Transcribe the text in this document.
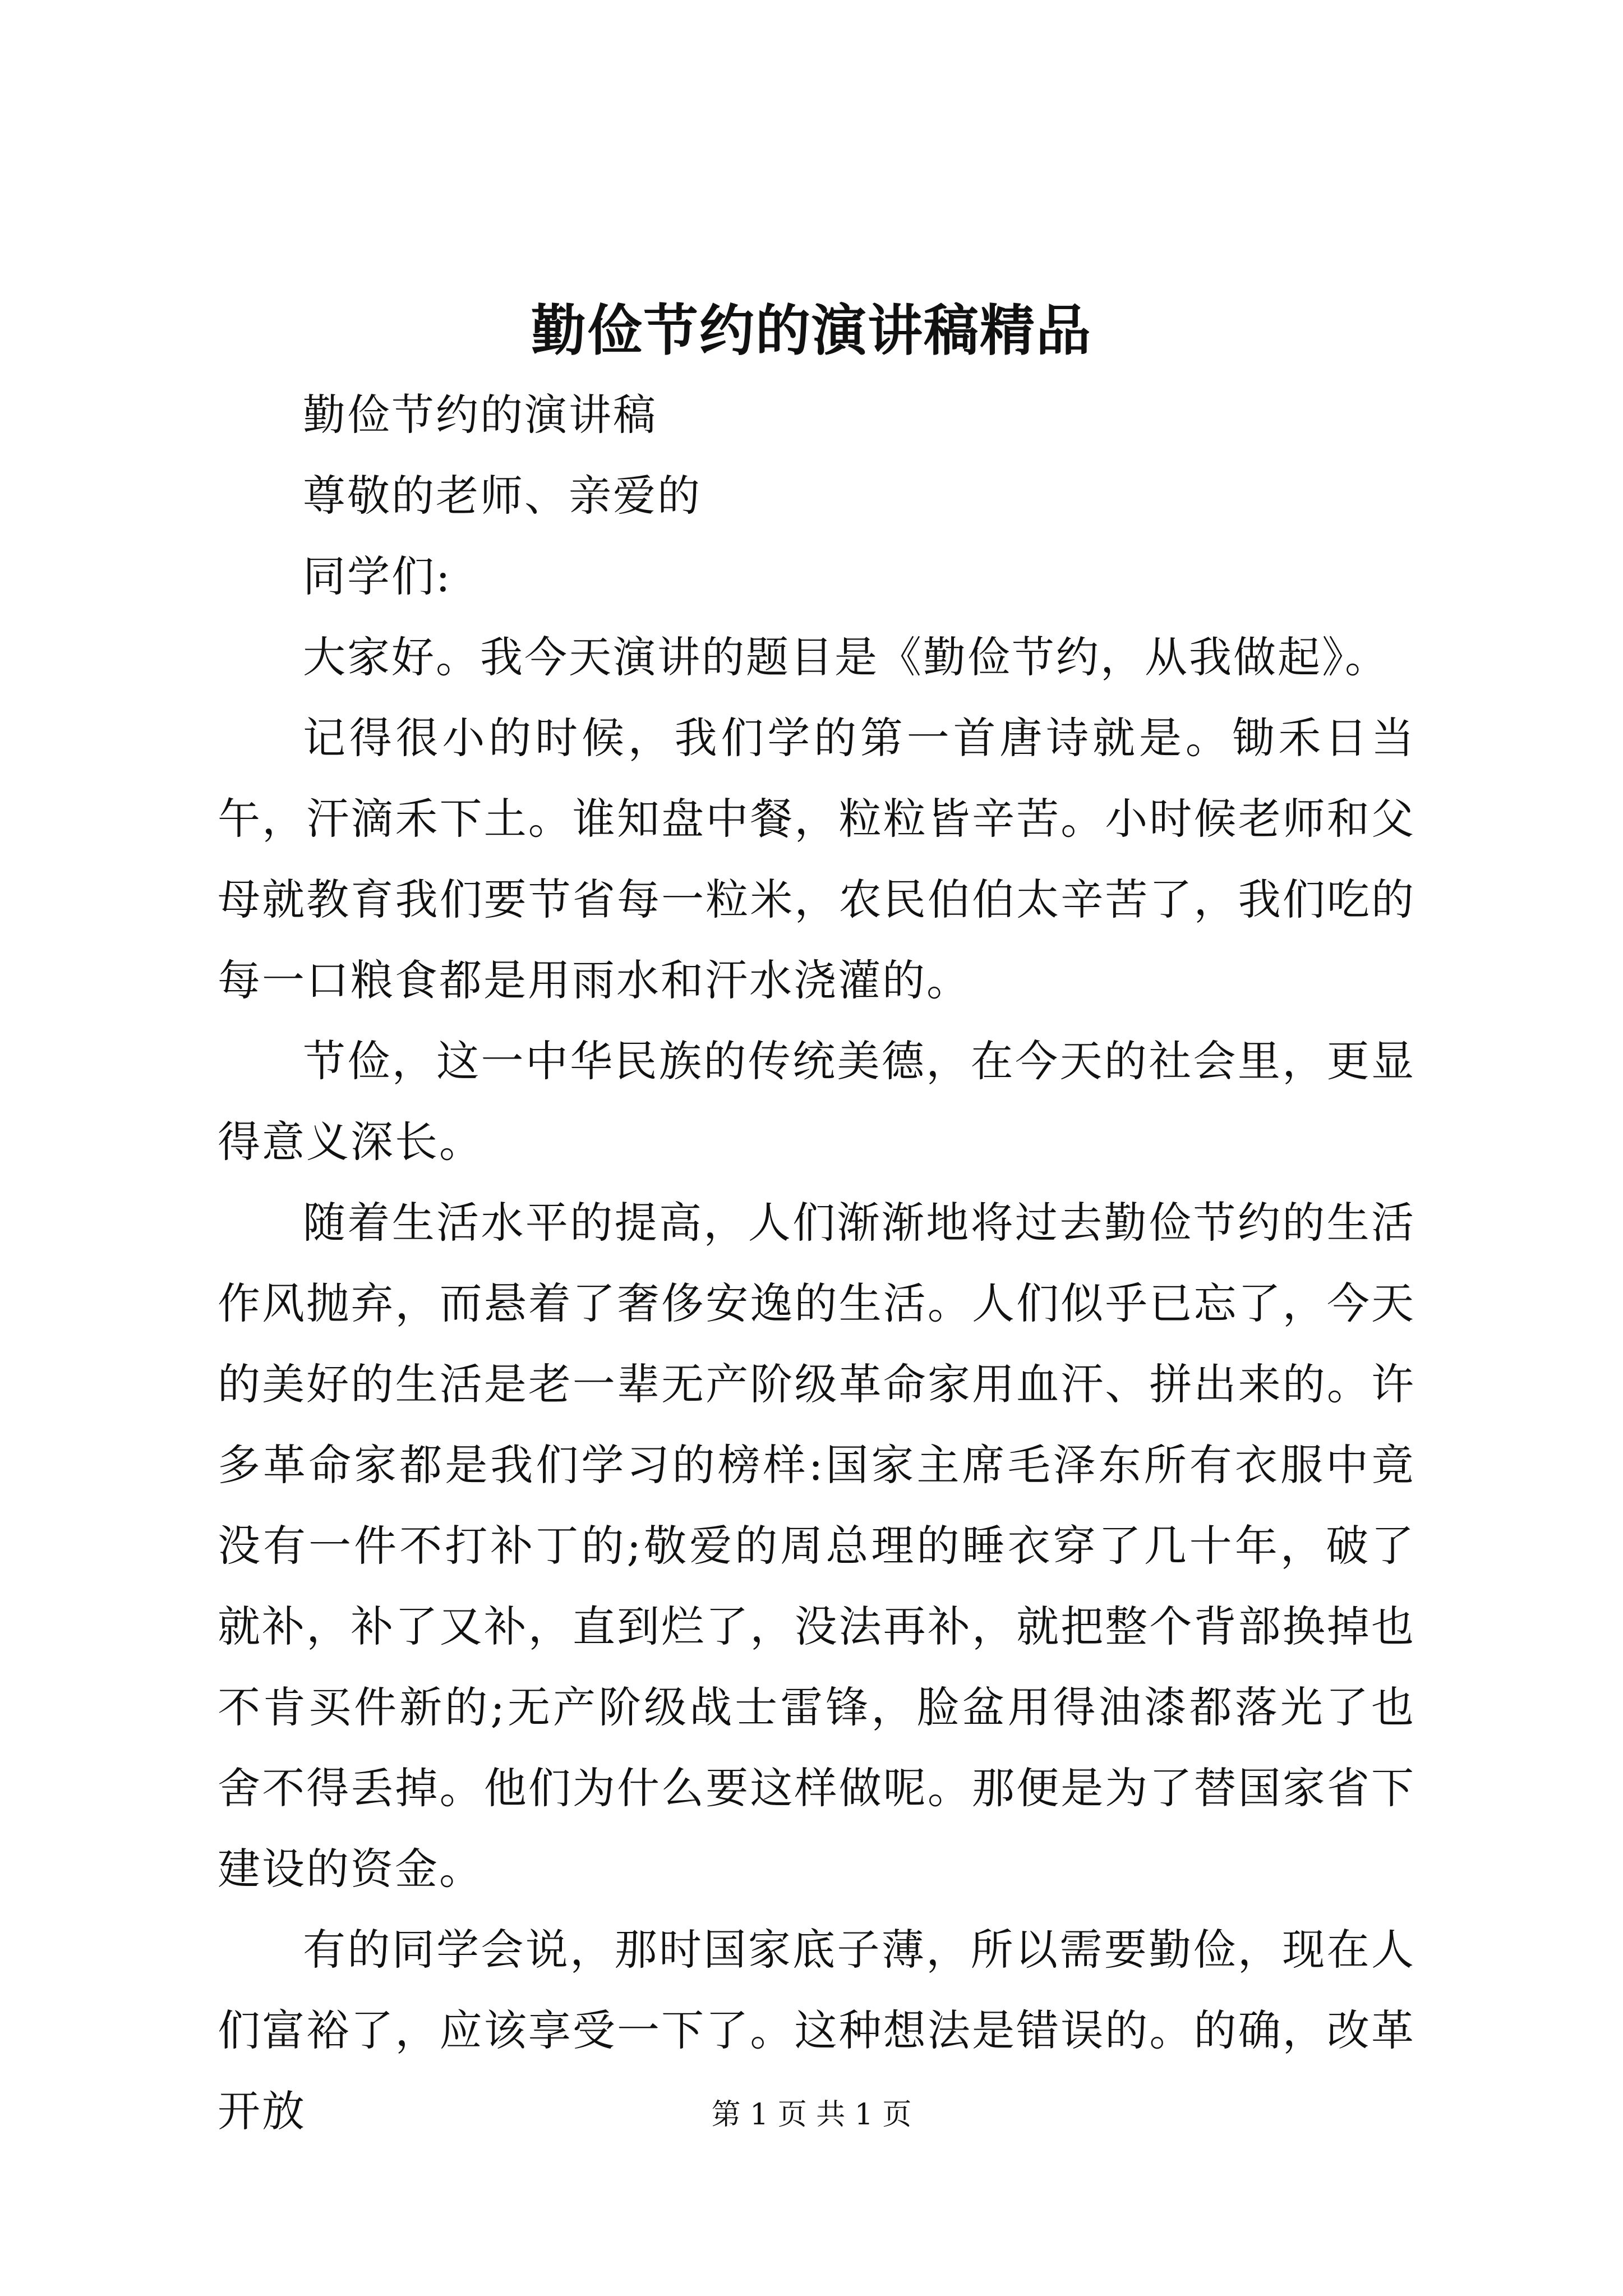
勤俭节约的演讲稿精品

勤俭节约的演讲稿

尊敬的老师、亲爱的

同学们:

大家好。我今天演讲的题目是《勤俭节约，从我做起》。

记得很小的时候，我们学的第一首唐诗就是。锄禾日当午，汗滴禾下土。谁知盘中餐，粒粒皆辛苦。小时候老师和父母就教育我们要节省每一粒米，农民伯伯太辛苦了，我们吃的每一口粮食都是用雨水和汗水浇灌的。

节俭，这一中华民族的传统美德，在今天的社会里，更显得意义深长。

随着生活水平的提高，人们渐渐地将过去勤俭节约的生活作风抛弃，而悬着了奢侈安逸的生活。人们似乎已忘了，今天的美好的生活是老一辈无产阶级革命家用血汗、拼出来的。许多革命家都是我们学习的榜样:国家主席毛泽东所有衣服中竟没有一件不打补丁的;敬爱的周总理的睡衣穿了几十年，破了就补，补了又补，直到烂了，没法再补，就把整个背部换掉也不肯买件新的;无产阶级战士雷锋，脸盆用得油漆都落光了也舍不得丢掉。他们为什么要这样做呢。那便是为了替国家省下建设的资金。

有的同学会说，那时国家底子薄，所以需要勤俭，现在人们富裕了，应该享受一下了。这种想法是错误的。的确，改革开放	第 1 页 共 1 页
